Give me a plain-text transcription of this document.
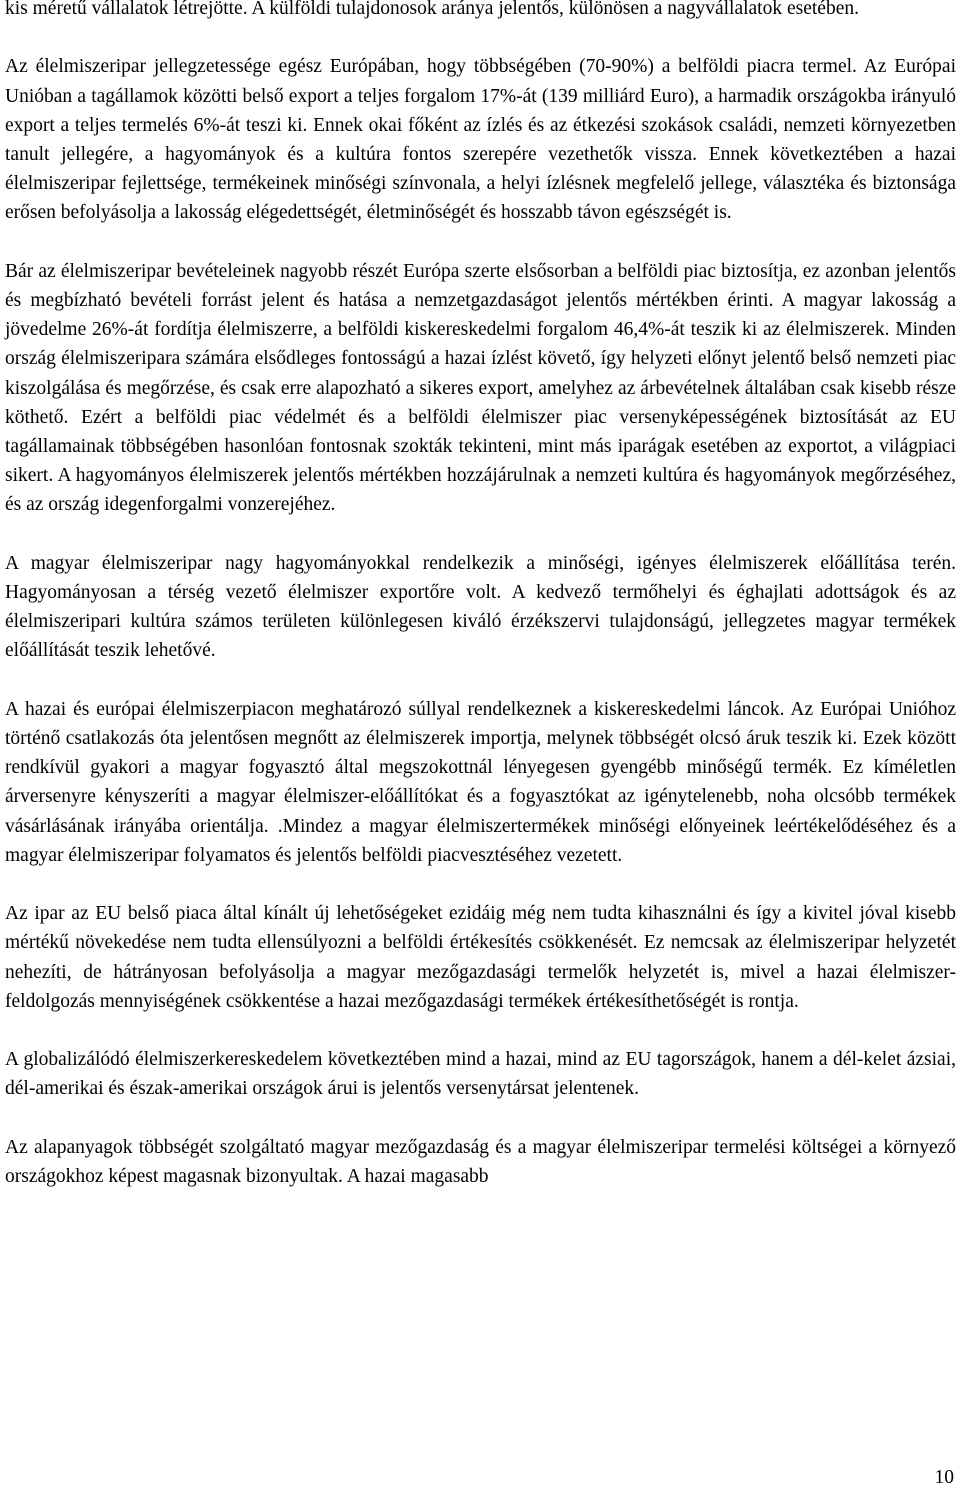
kis méretű vállalatok létrejötte. A külföldi tulajdonosok aránya jelentős, különösen a nagyvállalatok esetében.

Az élelmiszeripar jellegzetessége egész Európában, hogy többségében (70-90%) a belföldi piacra termel. Az Európai Unióban a tagállamok közötti belső export a teljes forgalom 17%-át (139 milliárd Euro), a harmadik országokba irányuló export a teljes termelés 6%-át teszi ki. Ennek okai főként az ízlés és az étkezési szokások családi, nemzeti környezetben tanult jellegére, a hagyományok és a kultúra fontos szerepére vezethetők vissza. Ennek következtében a hazai élelmiszeripar fejlettsége, termékeinek minőségi színvonala, a helyi ízlésnek megfelelő jellege, választéka és biztonsága erősen befolyásolja a lakosság elégedettségét, életminőségét és hosszabb távon egészségét is.

Bár az élelmiszeripar bevételeinek nagyobb részét Európa szerte elsősorban a belföldi piac biztosítja, ez azonban jelentős és megbízható bevételi forrást jelent és hatása a nemzetgazdaságot jelentős mértékben érinti. A magyar lakosság a jövedelme 26%-át fordítja élelmiszerre, a belföldi kiskereskedelmi forgalom 46,4%-át teszik ki az élelmiszerek. Minden ország élelmiszeripara számára elsődleges fontosságú a hazai ízlést követő, így helyzeti előnyt jelentő belső nemzeti piac kiszolgálása és megőrzése, és csak erre alapozható a sikeres export, amelyhez az árbevételnek általában csak kisebb része köthető. Ezért a belföldi piac védelmét és a belföldi élelmiszer piac versenyképességének biztosítását az EU tagállamainak többségében hasonlóan fontosnak szokták tekinteni, mint más iparágak esetében az exportot, a világpiaci sikert. A hagyományos élelmiszerek jelentős mértékben hozzájárulnak a nemzeti kultúra és hagyományok megőrzéséhez, és az ország idegenforgalmi vonzerejéhez.

A magyar élelmiszeripar nagy hagyományokkal rendelkezik a minőségi, igényes élelmiszerek előállítása terén. Hagyományosan a térség vezető élelmiszer exportőre volt. A kedvező termőhelyi és éghajlati adottságok és az élelmiszeripari kultúra számos területen különlegesen kiváló érzékszervi tulajdonságú, jellegzetes magyar termékek előállítását teszik lehetővé.

A hazai és európai élelmiszerpiacon meghatározó súllyal rendelkeznek a kiskereskedelmi láncok. Az Európai Unióhoz történő csatlakozás óta jelentősen megnőtt az élelmiszerek importja, melynek többségét olcsó áruk teszik ki. Ezek között rendkívül gyakori a magyar fogyasztó által megszokottnál lényegesen gyengébb minőségű termék. Ez kíméletlen árversenyre kényszeríti a magyar élelmiszer-előállítókat és a fogyasztókat az igénytelenebb, noha olcsóbb termékek vásárlásának irányába orientálja. .Mindez a magyar élelmiszertermékek minőségi előnyeinek leértékelődéséhez és a magyar élelmiszeripar folyamatos és jelentős belföldi piacvesztéséhez vezetett.

Az ipar az EU belső piaca által kínált új lehetőségeket ezidáig még nem tudta kihasználni és így a kivitel jóval kisebb mértékű növekedése nem tudta ellensúlyozni a belföldi értékesítés csökkenését. Ez nemcsak az élelmiszeripar helyzetét nehezíti, de hátrányosan befolyásolja a magyar mezőgazdasági termelők helyzetét is, mivel a hazai élelmiszer-feldolgozás mennyiségének csökkentése a hazai mezőgazdasági termékek értékesíthetőségét is rontja.

A globalizálódó élelmiszerkereskedelem következtében mind a hazai, mind az EU tagországok, hanem a dél-kelet ázsiai, dél-amerikai és észak-amerikai országok árui is jelentős versenytársat jelentenek.

Az alapanyagok többségét szolgáltató magyar mezőgazdaság és a magyar élelmiszeripar termelési költségei a környező országokhoz képest magasnak bizonyultak. A hazai magasabb

10
